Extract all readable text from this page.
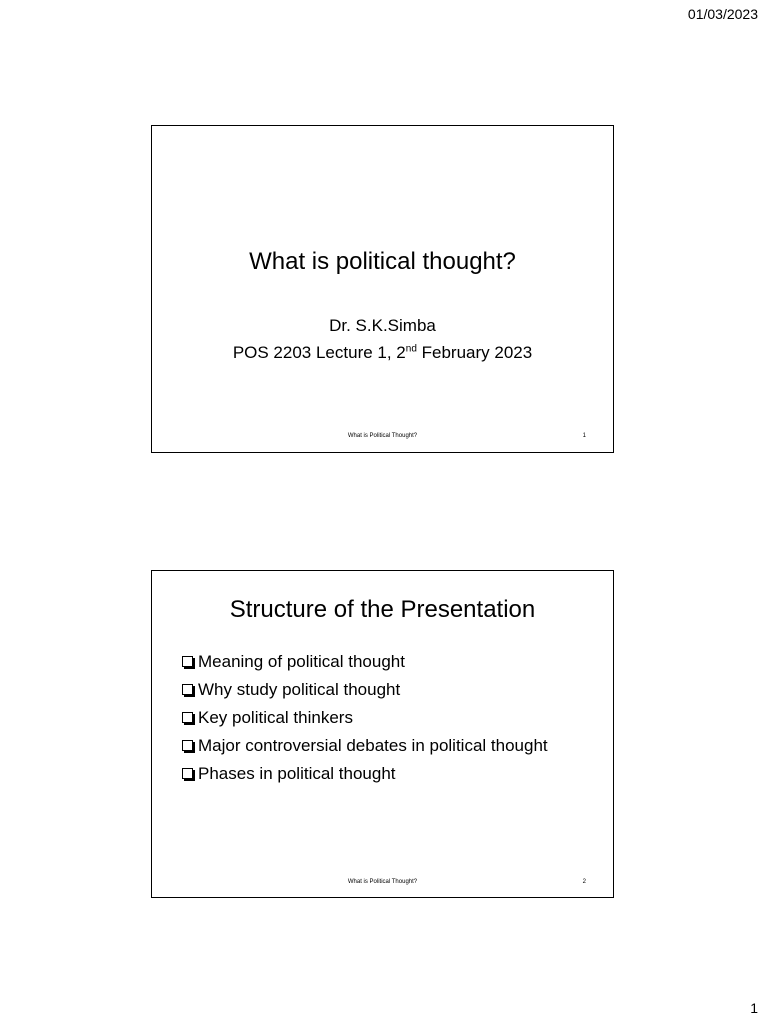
01/03/2023
What is political thought?
Dr. S.K.Simba
POS 2203 Lecture 1, 2nd February 2023
What is Political Thought?	1
Structure of the Presentation
Meaning of political thought
Why study political thought
Key political thinkers
Major controversial debates in political thought
Phases in political thought
What is Political Thought?	2
1
